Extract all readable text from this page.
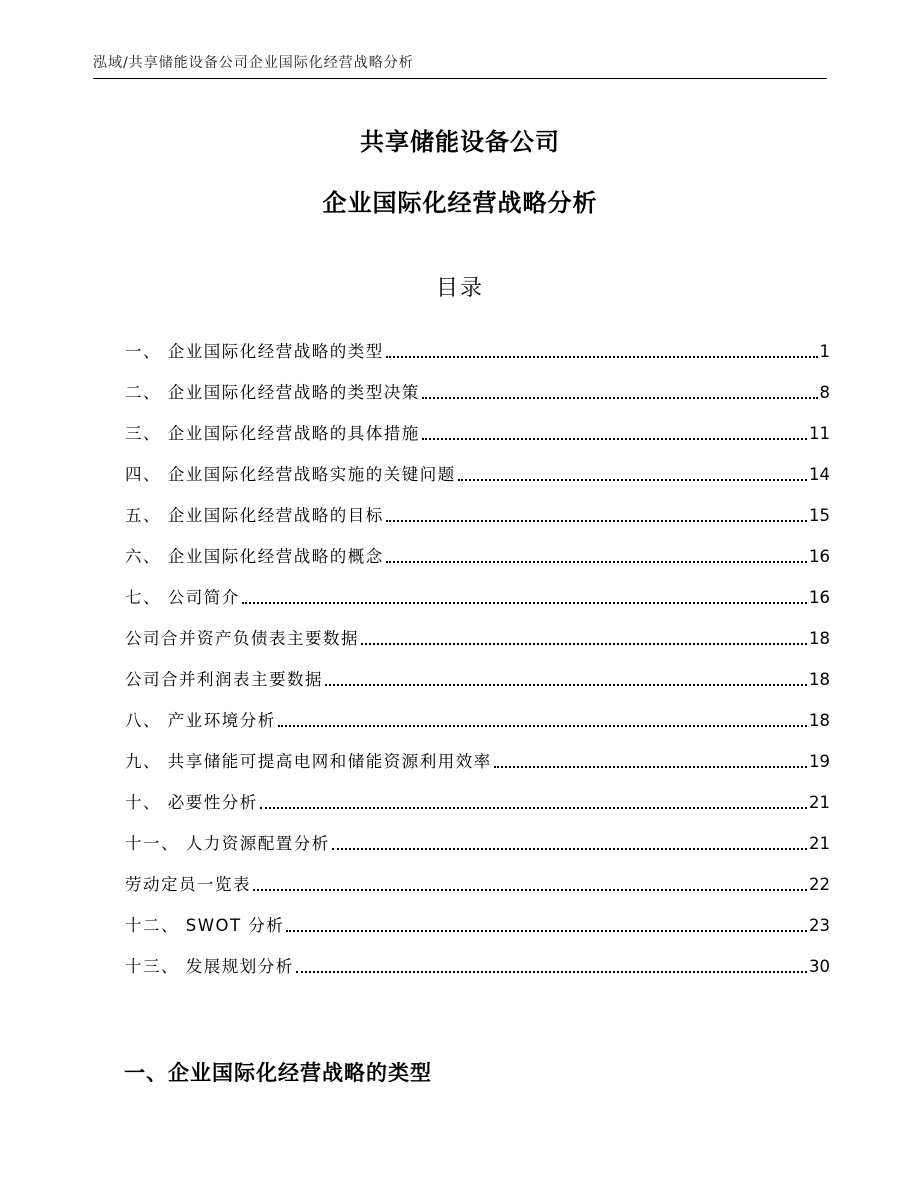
泓域/共享储能设备公司企业国际化经营战略分析
共享储能设备公司
企业国际化经营战略分析
目录
一、 企业国际化经营战略的类型	1
二、 企业国际化经营战略的类型决策	8
三、 企业国际化经营战略的具体措施	11
四、 企业国际化经营战略实施的关键问题	14
五、 企业国际化经营战略的目标	15
六、 企业国际化经营战略的概念	16
七、 公司简介	16
公司合并资产负债表主要数据	18
公司合并利润表主要数据	18
八、 产业环境分析	18
九、 共享储能可提高电网和储能资源利用效率	19
十、 必要性分析	21
十一、 人力资源配置分析	21
劳动定员一览表	22
十二、 SWOT 分析	23
十三、 发展规划分析	30
一、企业国际化经营战略的类型
